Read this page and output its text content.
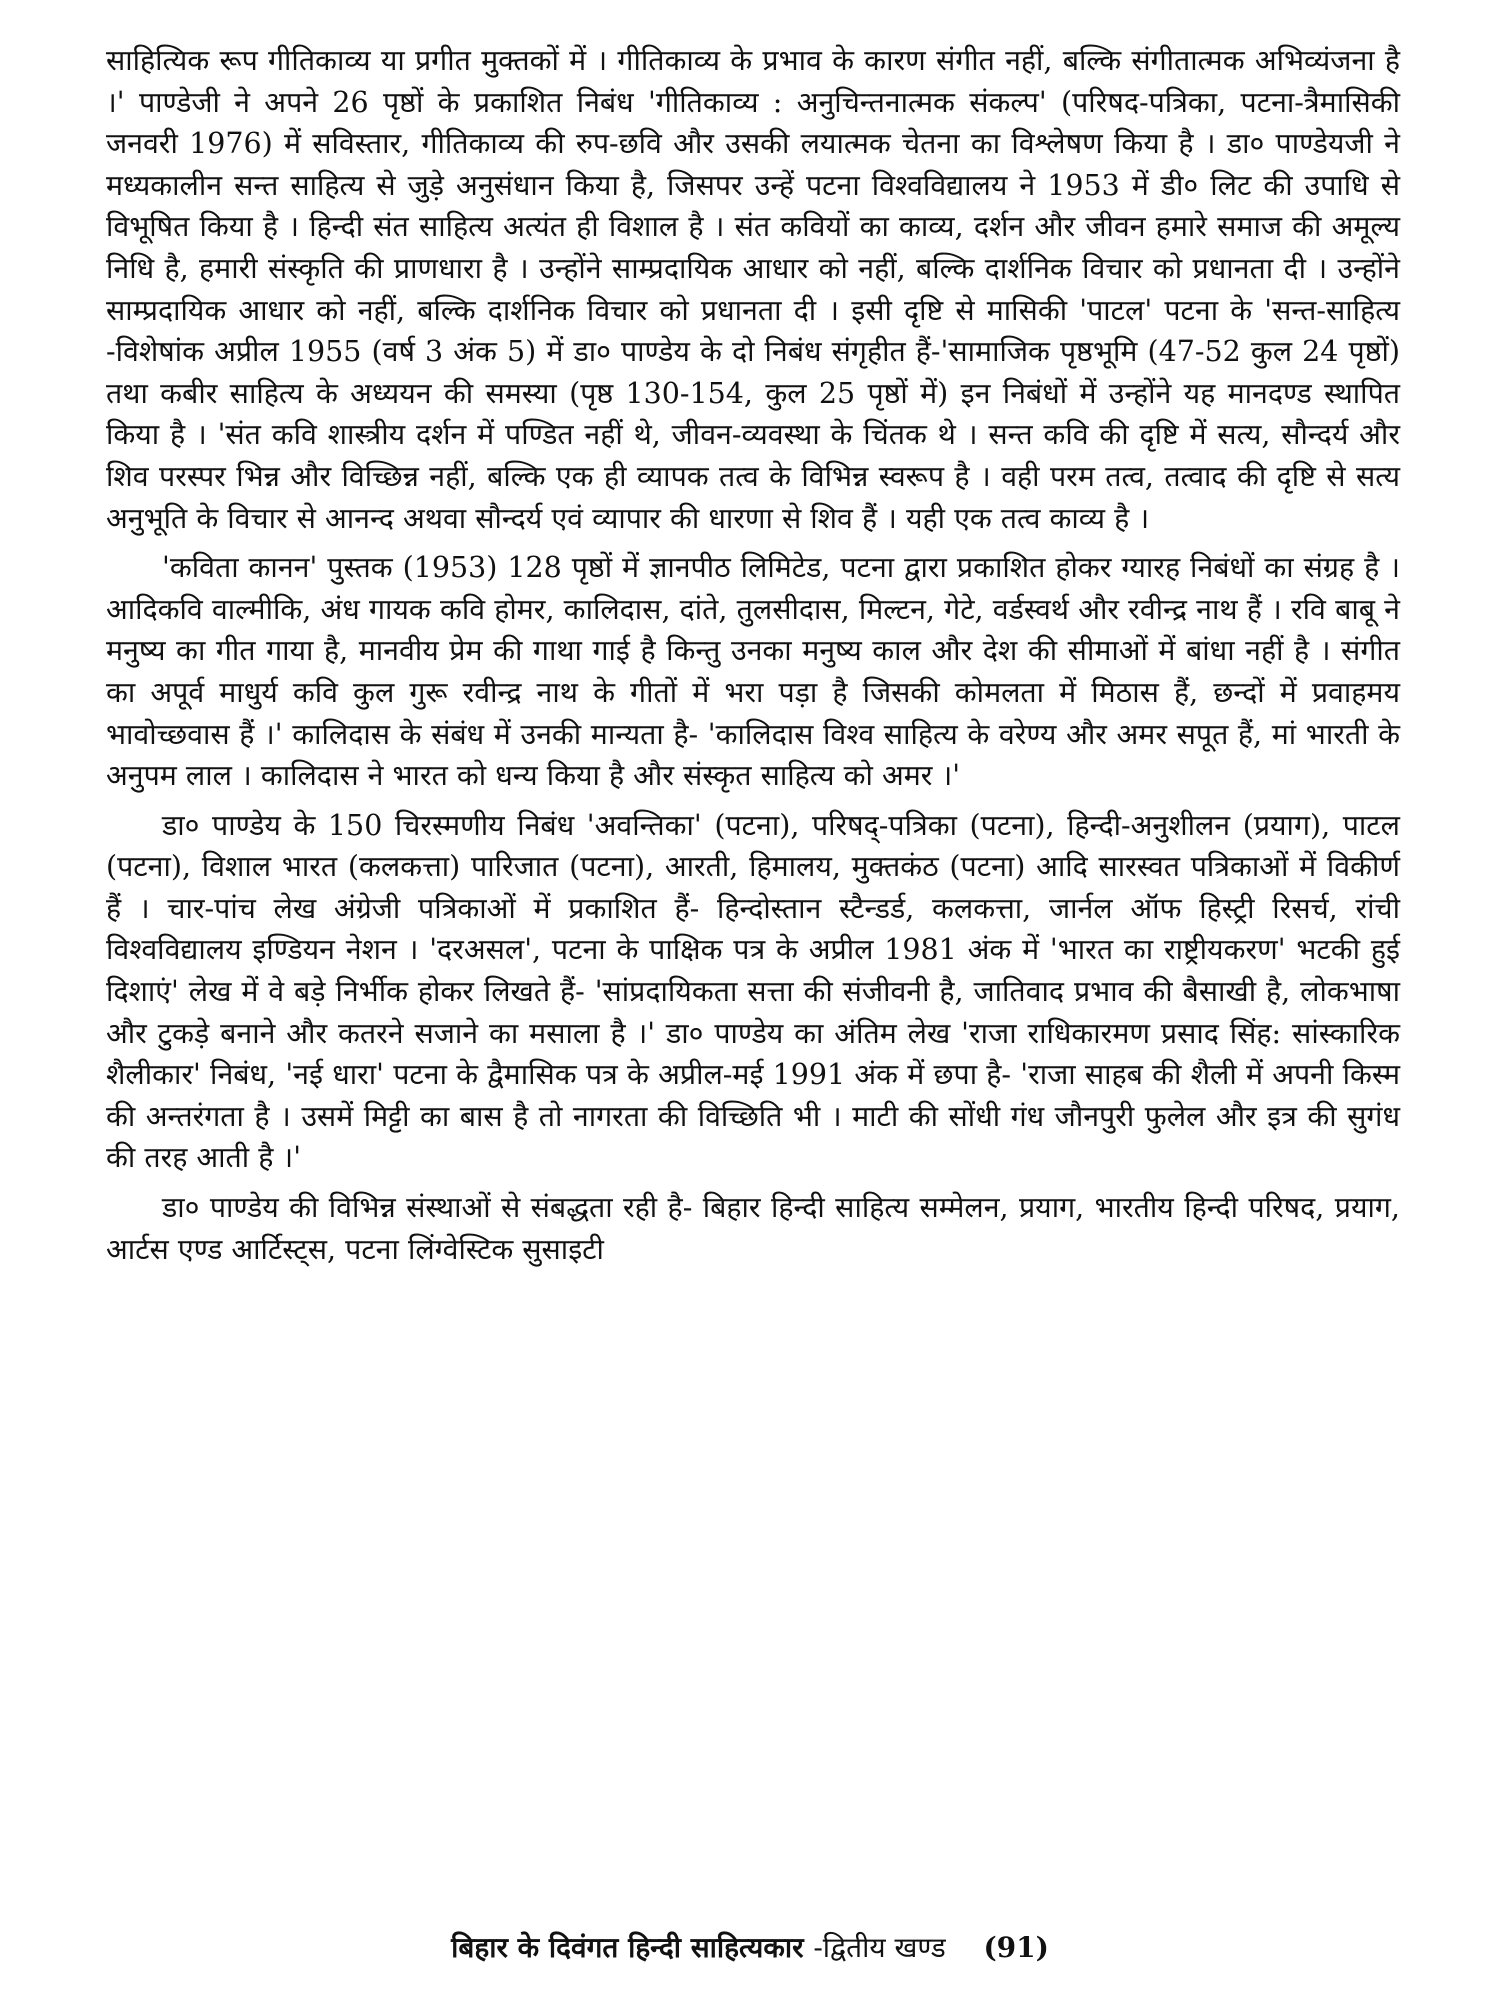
साहित्यिक रूप गीतिकाव्य या प्रगीत मुक्तकों में । गीतिकाव्य के प्रभाव के कारण संगीत नहीं, बल्कि संगीतात्मक अभिव्यंजना है ।' पाण्डेजी ने अपने 26 पृष्ठों के प्रकाशित निबंध 'गीतिकाव्य : अनुचिन्तनात्मक संकल्प' (परिषद-पत्रिका, पटना-त्रैमासिकी जनवरी 1976) में सविस्तार, गीतिकाव्य की रुप-छवि और उसकी लयात्मक चेतना का विश्लेषण किया है । डा० पाण्डेयजी ने मध्यकालीन सन्त साहित्य से जुड़े अनुसंधान किया है, जिसपर उन्हें पटना विश्वविद्यालय ने 1953 में डी० लिट की उपाधि से विभूषित किया है । हिन्दी संत साहित्य अत्यंत ही विशाल है । संत कवियों का काव्य, दर्शन और जीवन हमारे समाज की अमूल्य निधि है, हमारी संस्कृति की प्राणधारा है । उन्होंने साम्प्रदायिक आधार को नहीं, बल्कि दार्शनिक विचार को प्रधानता दी । उन्होंने साम्प्रदायिक आधार को नहीं, बल्कि दार्शनिक विचार को प्रधानता दी । इसी दृष्टि से मासिकी 'पाटल' पटना के 'सन्त-साहित्य -विशेषांक अप्रील 1955 (वर्ष 3 अंक 5) में डा० पाण्डेय के दो निबंध संगृहीत हैं-'सामाजिक पृष्ठभूमि (47-52 कुल 24 पृष्ठों) तथा कबीर साहित्य के अध्ययन की समस्या (पृष्ठ 130-154, कुल 25 पृष्ठों में) इन निबंधों में उन्होंने यह मानदण्ड स्थापित किया है । 'संत कवि शास्त्रीय दर्शन में पण्डित नहीं थे, जीवन-व्यवस्था के चिंतक थे । सन्त कवि की दृष्टि में सत्य, सौन्दर्य और शिव परस्पर भिन्न और विच्छिन्न नहीं, बल्कि एक ही व्यापक तत्व के विभिन्न स्वरूप है । वही परम तत्व, तत्वाद की दृष्टि से सत्य अनुभूति के विचार से आनन्द अथवा सौन्दर्य एवं व्यापार की धारणा से शिव हैं । यही एक तत्व काव्य है ।

'कविता कानन' पुस्तक (1953) 128 पृष्ठों में ज्ञानपीठ लिमिटेड, पटना द्वारा प्रकाशित होकर ग्यारह निबंधों का संग्रह है । आदिकवि वाल्मीकि, अंध गायक कवि होमर, कालिदास, दांते, तुलसीदास, मिल्टन, गेटे, वर्डस्वर्थ और रवीन्द्र नाथ हैं । रवि बाबू ने मनुष्य का गीत गाया है, मानवीय प्रेम की गाथा गाई है किन्तु उनका मनुष्य काल और देश की सीमाओं में बांधा नहीं है । संगीत का अपूर्व माधुर्य कवि कुल गुरू रवीन्द्र नाथ के गीतों में भरा पड़ा है जिसकी कोमलता में मिठास हैं, छन्दों में प्रवाहमय भावोच्छवास हैं ।' कालिदास के संबंध में उनकी मान्यता है- 'कालिदास विश्व साहित्य के वरेण्य और अमर सपूत हैं, मां भारती के अनुपम लाल । कालिदास ने भारत को धन्य किया है और संस्कृत साहित्य को अमर ।'

डा० पाण्डेय के 150 चिरस्मणीय निबंध 'अवन्तिका' (पटना), परिषद्-पत्रिका (पटना), हिन्दी-अनुशीलन (प्रयाग), पाटल (पटना), विशाल भारत (कलकत्ता) पारिजात (पटना), आरती, हिमालय, मुक्तकंठ (पटना) आदि सारस्वत पत्रिकाओं में विकीर्ण हैं । चार-पांच लेख अंग्रेजी पत्रिकाओं में प्रकाशित हैं- हिन्दोस्तान स्टैन्डर्ड, कलकत्ता, जार्नल ऑफ हिस्ट्री रिसर्च, रांची विश्वविद्यालय इण्डियन नेशन । 'दरअसल', पटना के पाक्षिक पत्र के अप्रील 1981 अंक में 'भारत का राष्ट्रीयकरण' भटकी हुई दिशाएं' लेख में वे बड़े निर्भीक होकर लिखते हैं- 'सांप्रदायिकता सत्ता की संजीवनी है, जातिवाद प्रभाव की बैसाखी है, लोकभाषा और टुकड़े बनाने और कतरने सजाने का मसाला है ।' डा० पाण्डेय का अंतिम लेख 'राजा राधिकारमण प्रसाद सिंह: सांस्कारिक शैलीकार' निबंध, 'नई धारा' पटना के द्वैमासिक पत्र के अप्रील-मई 1991 अंक में छपा है- 'राजा साहब की शैली में अपनी किस्म की अन्तरंगता है । उसमें मिट्टी का बास है तो नागरता की विच्छिति भी । माटी की सोंधी गंध जौनपुरी फुलेल और इत्र की सुगंध की तरह आती है ।'

डा० पाण्डेय की विभिन्न संस्थाओं से संबद्धता रही है- बिहार हिन्दी साहित्य सम्मेलन, प्रयाग, भारतीय हिन्दी परिषद, प्रयाग, आर्टस एण्ड आर्टिस्ट्स, पटना लिंग्वेस्टिक सुसाइटी

बिहार के दिवंगत हिन्दी साहित्यकार -द्वितीय खण्ड (91)
